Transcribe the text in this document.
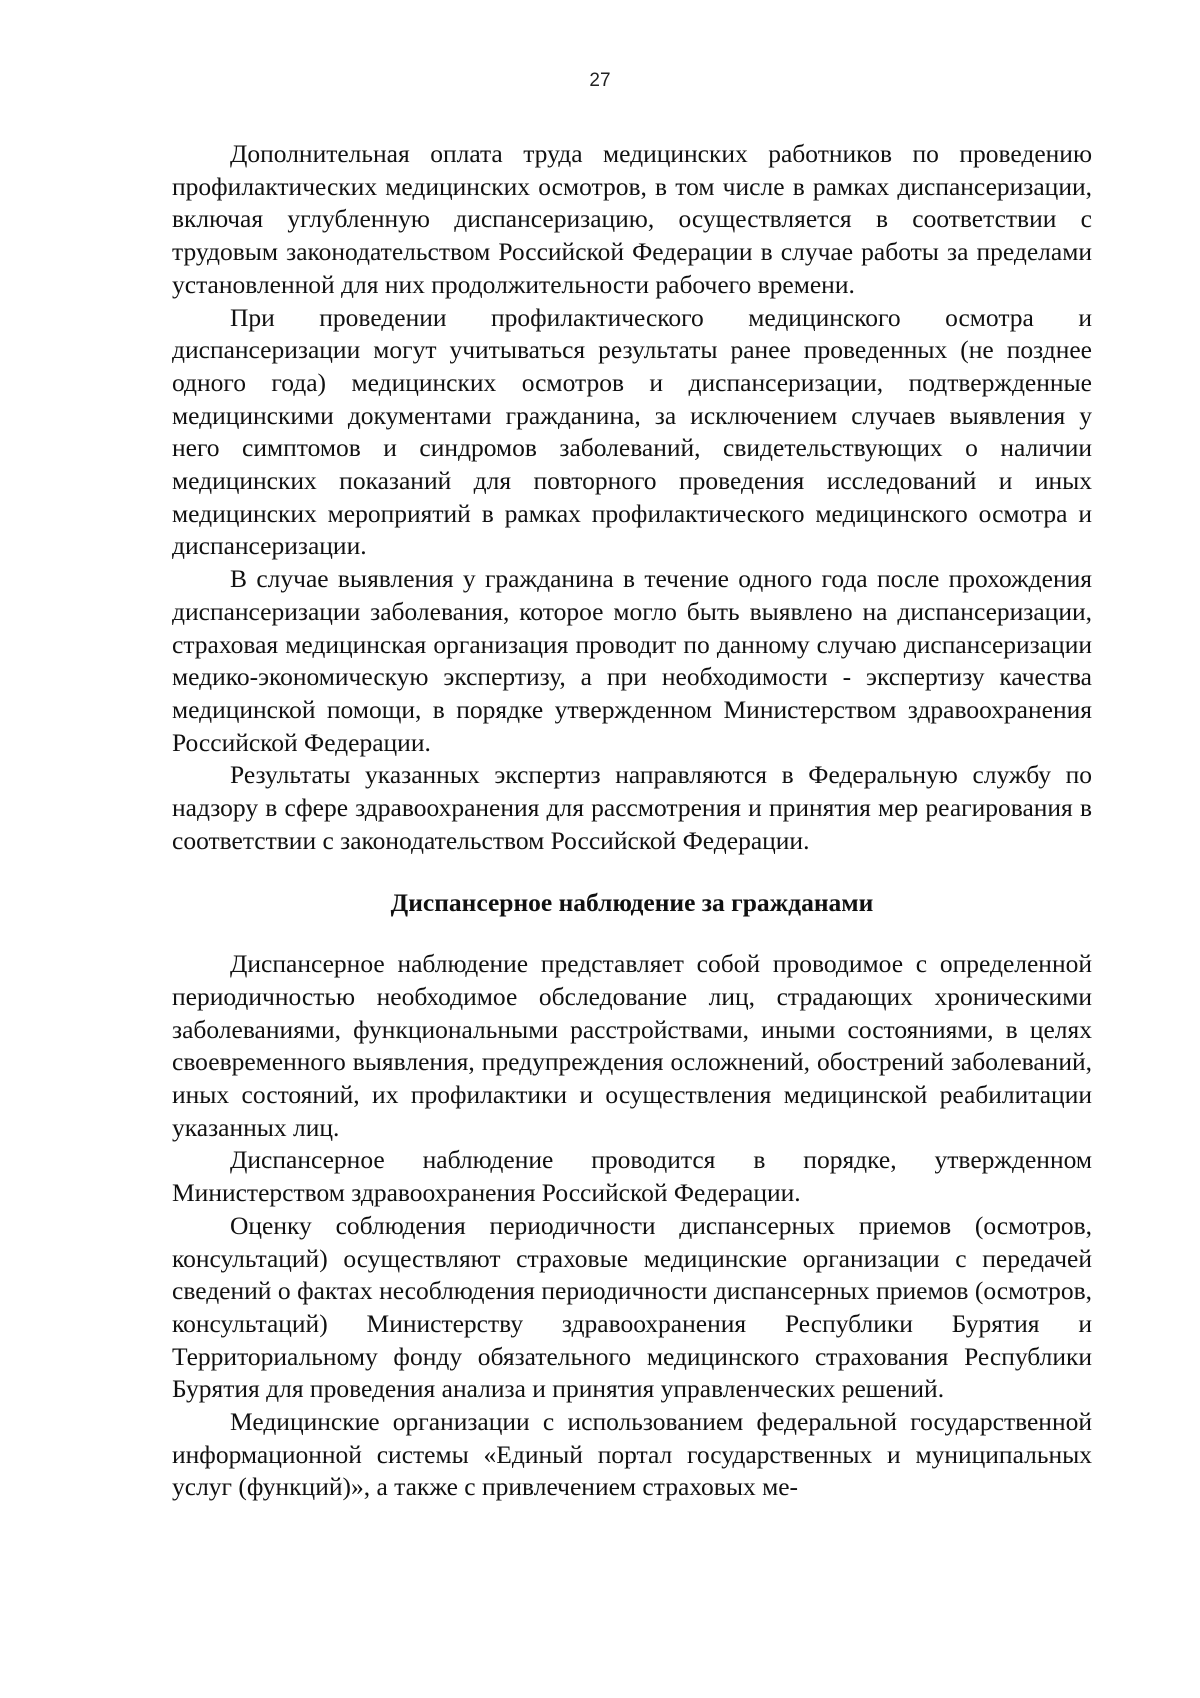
27

Дополнительная оплата труда медицинских работников по проведению профилактических медицинских осмотров, в том числе в рамках диспансеризации, включая углубленную диспансеризацию, осуществляется в соответствии с трудовым законодательством Российской Федерации в случае работы за пределами установленной для них продолжительности рабочего времени.

При проведении профилактического медицинского осмотра и диспансеризации могут учитываться результаты ранее проведенных (не позднее одного года) медицинских осмотров и диспансеризации, подтвержденные медицинскими документами гражданина, за исключением случаев выявления у него симптомов и синдромов заболеваний, свидетельствующих о наличии медицинских показаний для повторного проведения исследований и иных медицинских мероприятий в рамках профилактического медицинского осмотра и диспансеризации.

В случае выявления у гражданина в течение одного года после прохождения диспансеризации заболевания, которое могло быть выявлено на диспансеризации, страховая медицинская организация проводит по данному случаю диспансеризации медико-экономическую экспертизу, а при необходимости - экспертизу качества медицинской помощи, в порядке утвержденном Министерством здравоохранения Российской Федерации.

Результаты указанных экспертиз направляются в Федеральную службу по надзору в сфере здравоохранения для рассмотрения и принятия мер реагирования в соответствии с законодательством Российской Федерации.

Диспансерное наблюдение за гражданами

Диспансерное наблюдение представляет собой проводимое с определенной периодичностью необходимое обследование лиц, страдающих хроническими заболеваниями, функциональными расстройствами, иными состояниями, в целях своевременного выявления, предупреждения осложнений, обострений заболеваний, иных состояний, их профилактики и осуществления медицинской реабилитации указанных лиц.

Диспансерное наблюдение проводится в порядке, утвержденном Министерством здравоохранения Российской Федерации.

Оценку соблюдения периодичности диспансерных приемов (осмотров, консультаций) осуществляют страховые медицинские организации с передачей сведений о фактах несоблюдения периодичности диспансерных приемов (осмотров, консультаций) Министерству здравоохранения Республики Бурятия и Территориальному фонду обязательного медицинского страхования Республики Бурятия для проведения анализа и принятия управленческих решений.

Медицинские организации с использованием федеральной государственной информационной системы «Единый портал государственных и муниципальных услуг (функций)», а также с привлечением страховых ме-
